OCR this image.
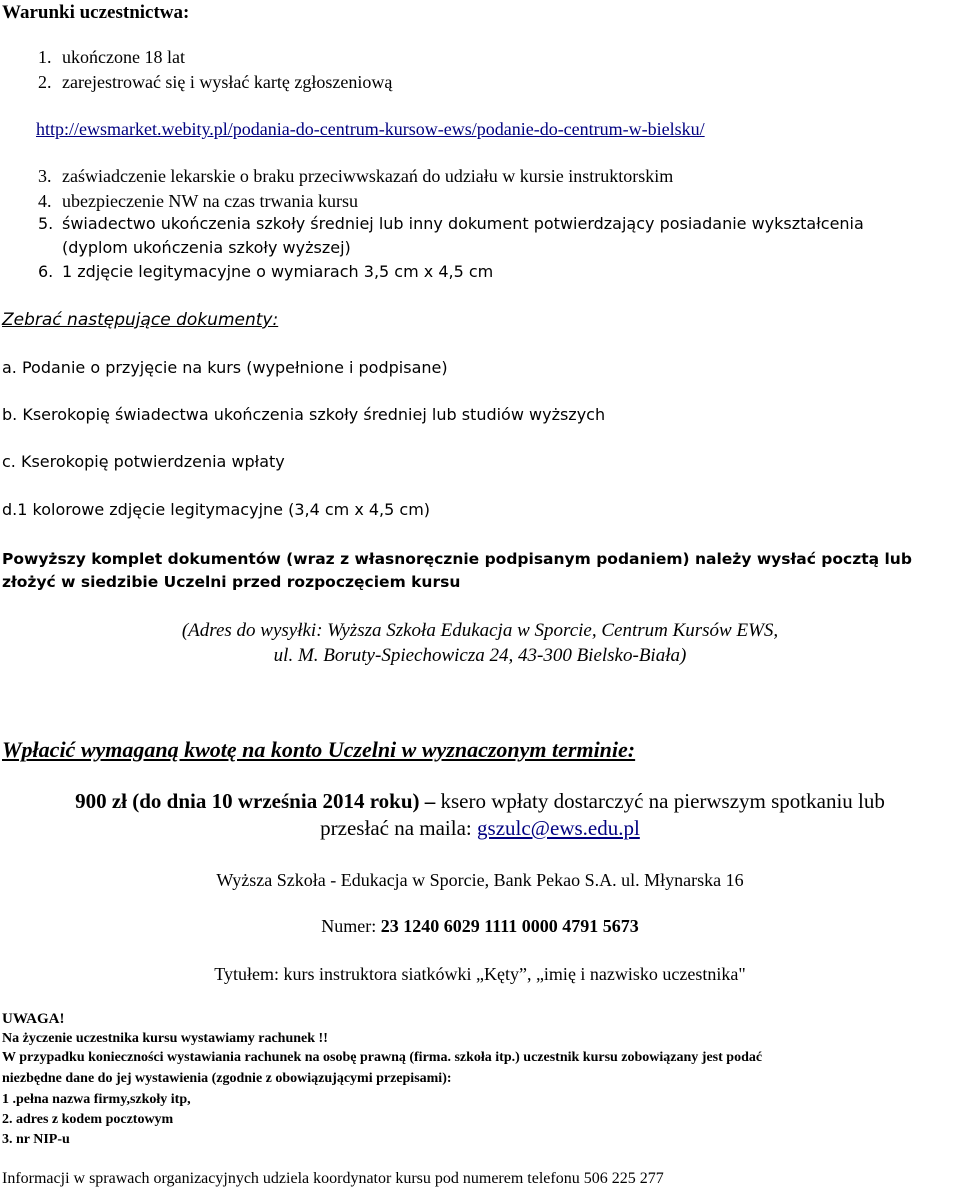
Warunki uczestnictwa:
1. ukończone 18 lat
2. zarejestrować się i wysłać kartę zgłoszeniową
http://ewsmarket.webity.pl/podania-do-centrum-kursow-ews/podanie-do-centrum-w-bielsku/
3. zaświadczenie lekarskie o braku przeciwwskazań do udziału w kursie instruktorskim
4. ubezpieczenie NW na czas trwania kursu
5. świadectwo ukończenia szkoły średniej lub inny dokument potwierdzający posiadanie wykształcenia
(dyplom ukończenia szkoły wyższej)
6. 1 zdjęcie legitymacyjne o wymiarach 3,5 cm x 4,5 cm
Zebrać następujące dokumenty:
a. Podanie o przyjęcie na kurs (wypełnione i podpisane)
b. Kserokopię świadectwa ukończenia szkoły średniej lub studiów wyższych
c. Kserokopię potwierdzenia wpłaty
d.1 kolorowe zdjęcie legitymacyjne (3,4 cm x 4,5 cm)
Powyższy komplet dokumentów (wraz z własnoręcznie podpisanym podaniem) należy wysłać pocztą lub
złożyć w siedzibie Uczelni przed rozpoczęciem kursu
(Adres do wysyłki: Wyższa Szkoła Edukacja w Sporcie, Centrum Kursów EWS,
ul. M. Boruty-Spiechowicza 24, 43-300 Bielsko-Biała)
Wpłacić wymaganą kwotę na konto Uczelni w wyznaczonym terminie:
900 zł (do dnia 10 września 2014 roku) – ksero wpłaty dostarczyć na pierwszym spotkaniu lub
przesłać na maila: gszulc@ews.edu.pl
Wyższa Szkoła - Edukacja w Sporcie, Bank Pekao S.A. ul. Młynarska 16
Numer: 23 1240 6029 1111 0000 4791 5673
Tytułem: kurs instruktora siatkówki „Kęty”, „imię i nazwisko uczestnika"
UWAGA!
Na życzenie uczestnika kursu wystawiamy rachunek !!
W przypadku konieczności wystawiania rachunek na osobę prawną (firma. szkoła itp.) uczestnik kursu zobowiązany jest podać
niezbędne dane do jej wystawienia (zgodnie z obowiązującymi przepisami):
1 .pełna nazwa firmy,szkoły itp,
2. adres z kodem pocztowym
3. nr NIP-u
Informacji w sprawach organizacyjnych udziela koordynator kursu pod numerem telefonu 506 225 277
